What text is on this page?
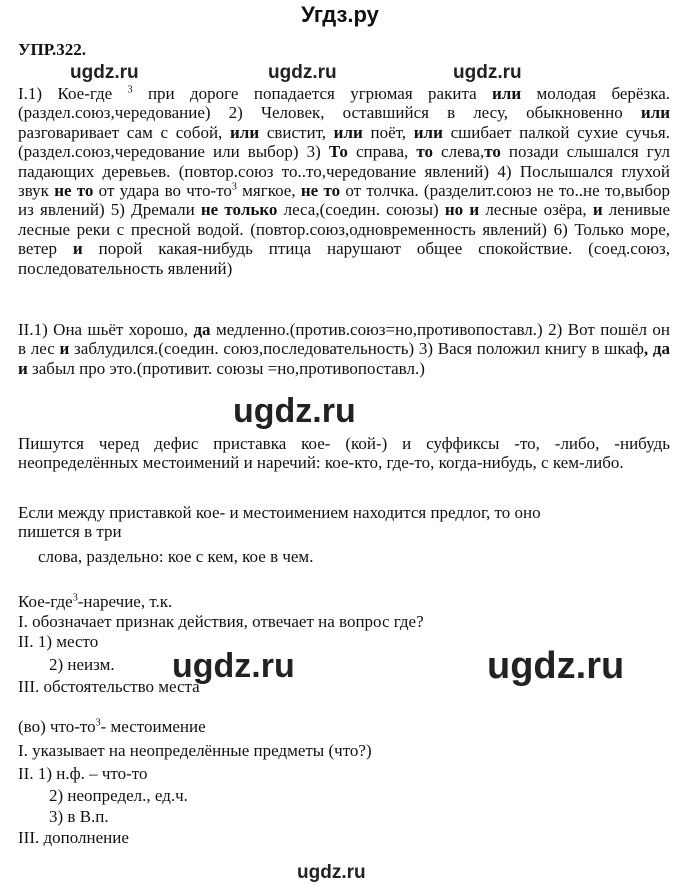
Угдз.ру
УПР.322.
ugdz.ru	ugdz.ru	ugdz.ru
ugdz.ru
ugdz.ru	ugdz.ru
ugdz.ru
I.1) Кое-где $^3$ при дороге попадается угрюмая ракита или молодая берёзка. (раздел.союз,чередование) 2) Человек, оставшийся в лесу, обыкновенно или разговаривает сам с собой, или свистит, или поёт, или сшибает палкой сухие сучья. (раздел.союз,чередование или выбор) 3) То справа, то слева,то позади слышался гул падающих деревьев. (повтор.союз то..то,чередование явлений) 4) Послышался глухой звук не то от удара во что-$то^3$ мягкое, не то от толчка. (разделит.союз не то..не то,выбор из явлений) 5) Дремали не только леса,(соедин. союзы) но и лесные озёра, и ленивые лесные реки с пресной водой. (повтор.союз,одновременность явлений) 6) Только море, ветер и порой какая-нибудь птица нарушают общее спокойствие. (соед.союз, последовательность явлений)
II.1) Она шьёт хорошо, да медленно.(против.союз=но,противопоставл.) 2) Вот пошёл он в лес и заблудился.(соедин. союз,последовательность) 3) Вася положил книгу в шкаф, да и забыл про это.(противит. союзы =но,противопоставл.)
Пишутся черед дефис приставка кое- (кой-) и суффиксы -то, -либо, -нибудь неопределённых местоимений и наречий: кое-кто, где-то, когда-нибудь, с кем-либо.
Если между приставкой кое- и местоимением находится предлог, то оно
пишется в три
слова, раздельно: кое с кем, кое в чем.
Кое-где$^3$-наречие, т.к.
I. обозначает признак действия, отвечает на вопрос где?
II. 1) место
2) неизм.
III. обстоятельство места
(во) что-$то^3-$ местоимение
I. указывает на неопределённые предметы (что?)
II. 1) н.ф. – что-то
2) неопредел., ед.ч.
3) в В.п.
III. дополнение
